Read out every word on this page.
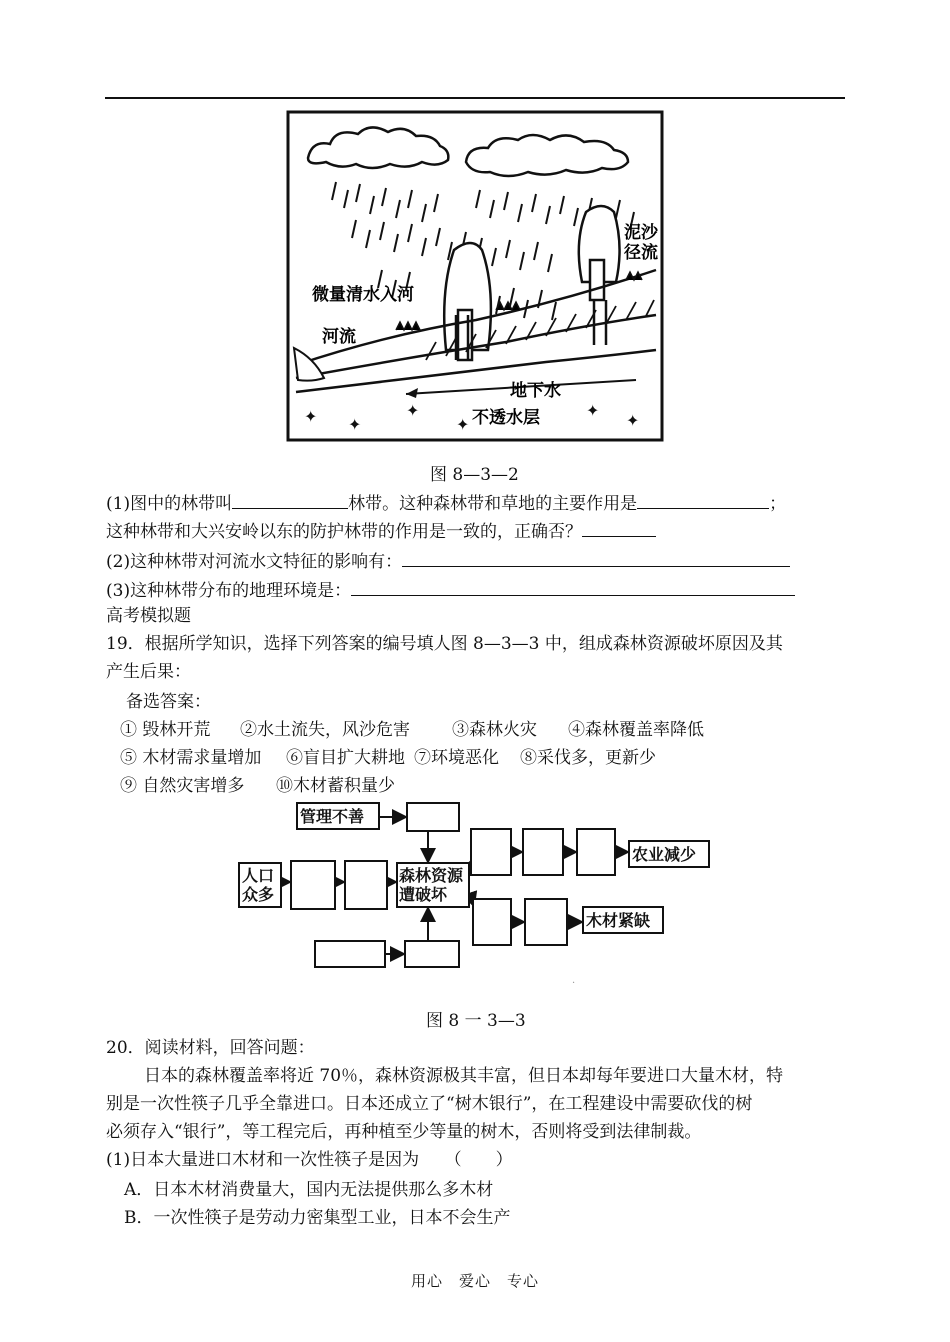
✦ ✦
✦
✦
✦
✦
微量清水入河
河流
泥沙
径流
地下水
不透水层
图 8—3—2
(1)图中的林带叫	林带。这种森林带和草地的主要作用是	；
这种林带和大兴安岭以东的防护林带的作用是一致的，正确否？
(2)这种林带对河流水文特征的影响有：
(3)这种林带分布的地理环境是：
高考模拟题
19．根据所学知识，选择下列答案的编号填人图 8—3—3 中，组成森林资源破坏原因及其
产生后果：
备选答案：
① 毁林开荒 ②水土流失，风沙危害 ③森林火灾 ④森林覆盖率降低
⑤ 木材需求量增加 ⑥盲目扩大耕地 ⑦环境恶化 ⑧采伐多，更新少
⑨ 自然灾害增多 ⑩木材蓄积量少
·
管理不善
人口
众多
森林资源
遭破坏
农业减少
木材紧缺
图 8 一 3—3
20．阅读材料，回答问题：
日本的森林覆盖率将近 70％，森林资源极其丰富，但日本却每年要进口大量木材，特
别是一次性筷子几乎全靠进口。日本还成立了“树木银行”，在工程建设中需要砍伐的树
必须存入“银行”，等工程完后，再种植至少等量的树木，否则将受到法律制裁。
(1)日本大量进口木材和一次性筷子是因为　　（　　）
A．日本木材消费量大，国内无法提供那么多木材
B．一次性筷子是劳动力密集型工业，日本不会生产
用心　爱心　专心
